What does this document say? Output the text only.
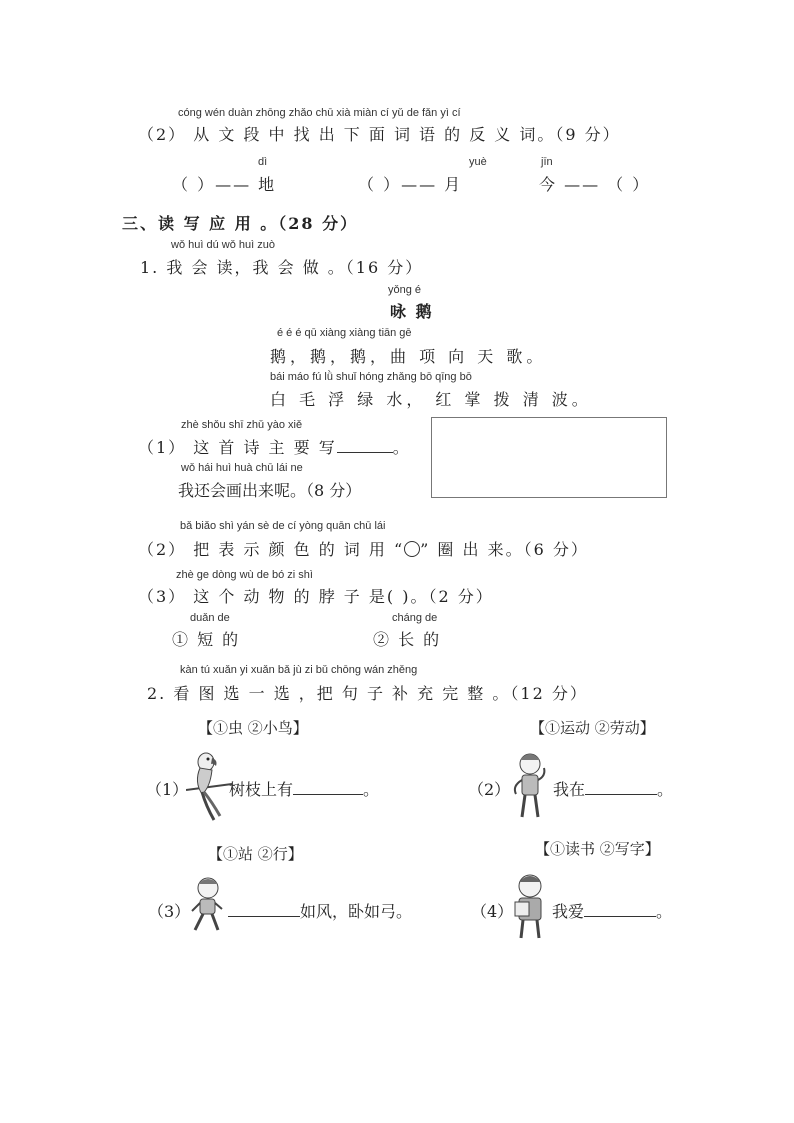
cóng wén duàn zhōng zhǎo chū xià miàn cí yǔ de fǎn yì cí
（2） 从 文 段 中 找 出 下 面 词 语 的 反 义 词。（9 分）
dì
（ ）—— 地
yuè
（ ）—— 月
jīn
今 —— （ ）
三、读 写 应 用 。（28 分）
wǒ huì dú wǒ huì zuò
1. 我 会 读，我 会 做 。（16 分）
yǒng é
咏 鹅
é é é qū xiàng xiàng tiān gē
鹅，鹅，鹅，曲 项 向 天 歌。
bái máo fú lǜ shuǐ hóng zhǎng bō qīng bō
白 毛 浮 绿 水， 红 掌 拨 清 波。
zhè shǒu shī zhǔ yào xiě
（1） 这 首 诗 主 要 写	。
wǒ hái huì huà chū lái ne
我还会画出来呢。（8 分）
bǎ biǎo shì yán sè de cí yòng quān chū lái
（2） 把 表 示 颜 色 的 词 用 “ ” 圈 出 来。（6 分）
zhè ge dòng wù de bó zi shì
（3） 这 个 动 物 的 脖 子 是( )。（2 分）
duǎn de
① 短 的
cháng de
② 长 的
kàn tú xuǎn yi xuǎn bǎ jù zi bǔ chōng wán zhěng
2. 看 图 选 一 选 ，把 句 子 补 充 完 整 。（12 分）
【①虫 ②小鸟】	【①运动 ②劳动】
（1）	树枝上有	。	（2）	我在	。
【①站 ②行】	【①读书 ②写字】
（3）	如风，卧如弓。	（4） 我爱	。
